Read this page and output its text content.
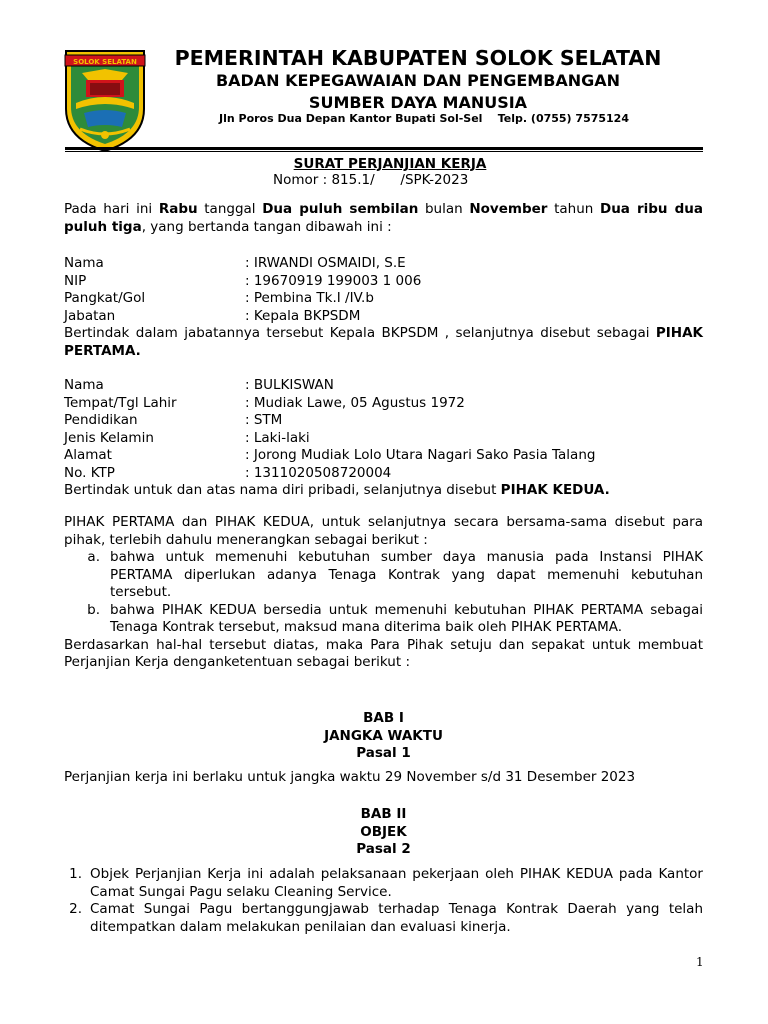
SOLOK SELATAN	PEMERINTAH KABUPATEN SOLOK SELATAN
BADAN KEPEGAWAIAN DAN PENGEMBANGAN
SUMBER DAYA MANUSIA
Jln Poros Dua Depan Kantor Bupati Sol-Sel    Telp. (0755) 7575124
SURAT PERJANJIAN KERJA
Nomor : 815.1/      /SPK-2023
Pada hari ini Rabu tanggal Dua puluh sembilan bulan November tahun Dua ribu dua puluh tiga, yang bertanda tangan dibawah ini :
Nama	: IRWANDI OSMAIDI, S.E
NIP	: 19670919 199003 1 006
Pangkat/Gol	: Pembina Tk.I /IV.b
Jabatan	: Kepala BKPSDM
Bertindak dalam jabatannya tersebut Kepala BKPSDM , selanjutnya disebut sebagai PIHAK PERTAMA.
Nama	: BULKISWAN
Tempat/Tgl Lahir	: Mudiak Lawe, 05 Agustus 1972
Pendidikan	: STM
Jenis Kelamin	: Laki-laki
Alamat	: Jorong Mudiak Lolo Utara Nagari Sako Pasia Talang
No. KTP	: 1311020508720004
Bertindak untuk dan atas nama diri pribadi, selanjutnya disebut PIHAK KEDUA.
PIHAK PERTAMA dan PIHAK KEDUA, untuk selanjutnya secara bersama-sama disebut para pihak, terlebih dahulu menerangkan sebagai berikut :
a. bahwa untuk memenuhi kebutuhan sumber daya manusia pada Instansi PIHAK PERTAMA diperlukan adanya Tenaga Kontrak yang dapat memenuhi kebutuhan tersebut.
b. bahwa PIHAK KEDUA bersedia untuk memenuhi kebutuhan PIHAK PERTAMA sebagai Tenaga Kontrak tersebut, maksud mana diterima baik oleh PIHAK PERTAMA.
Berdasarkan hal-hal tersebut diatas, maka Para Pihak setuju dan sepakat untuk membuat Perjanjian Kerja denganketentuan sebagai berikut :
BAB I
JANGKA WAKTU
Pasal 1
Perjanjian kerja ini berlaku untuk jangka waktu 29 November s/d 31 Desember 2023
BAB II
OBJEK
Pasal 2
1. Objek Perjanjian Kerja ini adalah pelaksanaan pekerjaan oleh PIHAK KEDUA pada Kantor Camat Sungai Pagu selaku Cleaning Service.
2. Camat Sungai Pagu bertanggungjawab terhadap Tenaga Kontrak Daerah yang telah ditempatkan dalam melakukan penilaian dan evaluasi kinerja.
1
